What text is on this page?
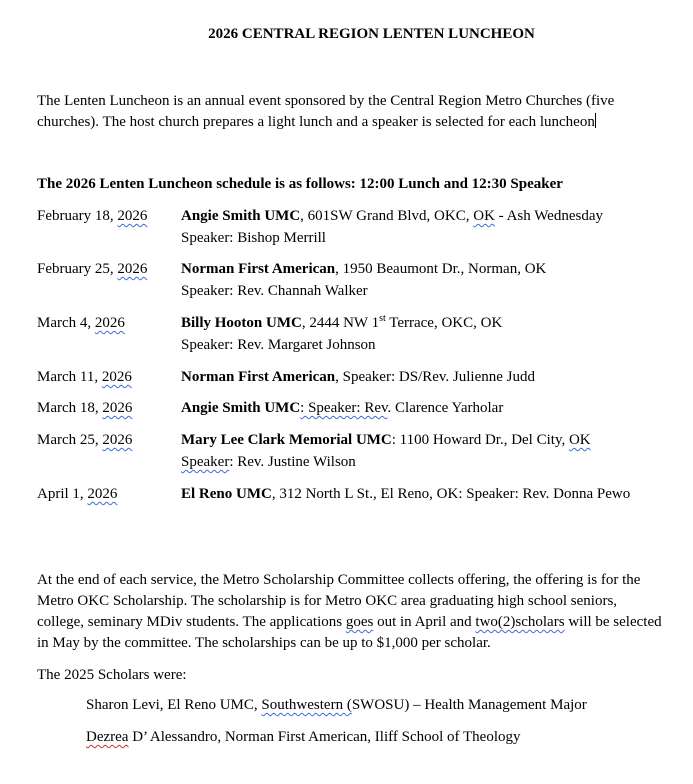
2026 CENTRAL REGION LENTEN LUNCHEON
The Lenten Luncheon is an annual event sponsored by the Central Region Metro Churches (five churches). The host church prepares a light lunch and a speaker is selected for each luncheon
The 2026 Lenten Luncheon schedule is as follows: 12:00 Lunch and 12:30 Speaker
February 18, 2026 Angie Smith UMC, 601SW Grand Blvd, OKC, OK - Ash Wednesday
Speaker: Bishop Merrill
February 25, 2026 Norman First American, 1950 Beaumont Dr., Norman, OK
Speaker: Rev. Channah Walker
March 4, 2026	Billy Hooton UMC, 2444 NW 1st Terrace, OKC, OK
Speaker: Rev. Margaret Johnson
March 11, 2026	Norman First American, Speaker: DS/Rev. Julienne Judd
March 18, 2026	Angie Smith UMC: Speaker: Rev. Clarence Yarholar
March 25, 2026	Mary Lee Clark Memorial UMC: 1100 Howard Dr., Del City, OK
Speaker: Rev. Justine Wilson
April 1, 2026	El Reno UMC, 312 North L St., El Reno, OK: Speaker: Rev. Donna Pewo
At the end of each service, the Metro Scholarship Committee collects offering, the offering is for the Metro OKC Scholarship. The scholarship is for Metro OKC area graduating high school seniors, college, seminary MDiv students. The applications goes out in April and two(2)scholars will be selected in May by the committee. The scholarships can be up to $1,000 per scholar.
The 2025 Scholars were:
Sharon Levi, El Reno UMC, Southwestern (SWOSU) – Health Management Major
Dezrea D’ Alessandro, Norman First American, Iliff School of Theology
